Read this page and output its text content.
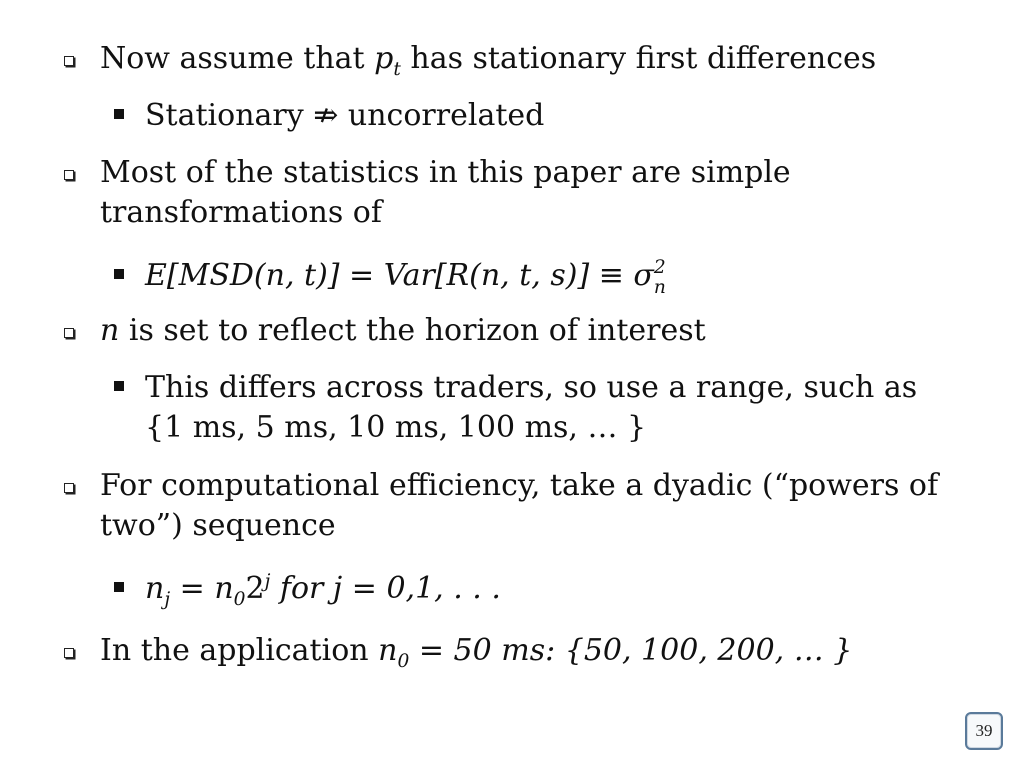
Now assume that $p_t$ has stationary first differences
Stationary ⇏ uncorrelated
Most of the statistics in this paper are simple
transformations of
E[MSD(n, t)] = Var[R(n, t, s)] ≡ σ 2
n
n is set to reflect the horizon of interest
This differs across traders, so use a range, such as
{1 ms, 5 ms, 10 ms, 100 ms, … }
For computational efficiency, take a dyadic (“powers of
two”) sequence
$n_j = n_02^j$ for j = 0,1, . . .
In the application $n_0 = 50$ ms: {50, 100, 200, … }
39
